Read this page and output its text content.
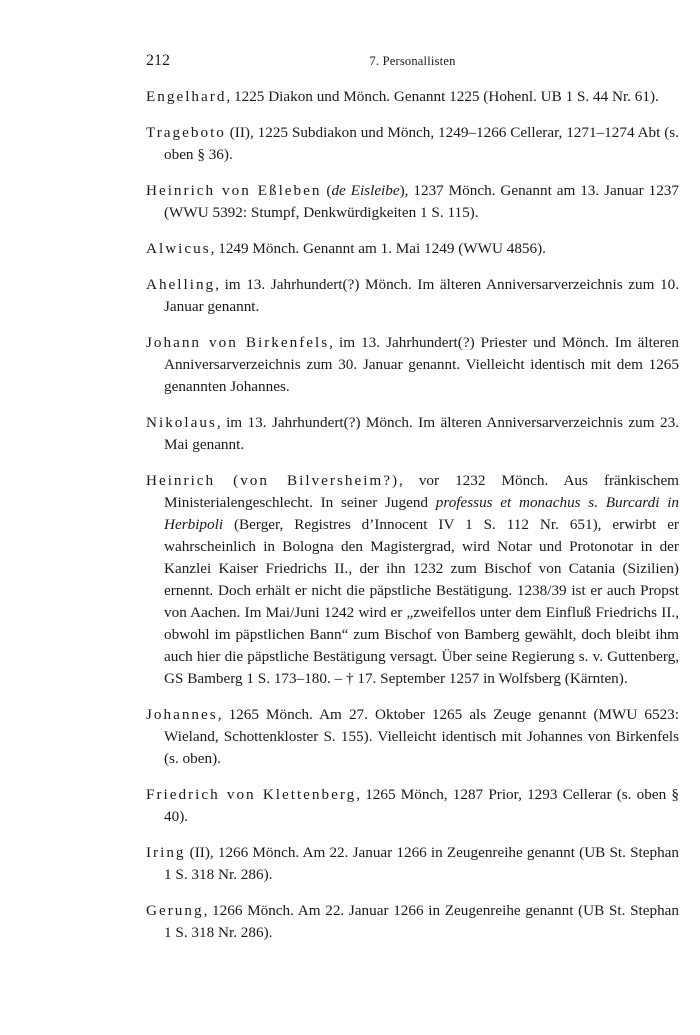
212	7. Personallisten

Engelhard, 1225 Diakon und Mönch. Genannt 1225 (Hohenl. UB 1 S. 44 Nr. 61).

Trageboto (II), 1225 Subdiakon und Mönch, 1249–1266 Cellerar, 1271–1274 Abt (s. oben § 36).

Heinrich von Eßleben (de Eisleibe), 1237 Mönch. Genannt am 13. Januar 1237 (WWU 5392: Stumpf, Denkwürdigkeiten 1 S. 115).

Alwicus, 1249 Mönch. Genannt am 1. Mai 1249 (WWU 4856).

Ahelling, im 13. Jahrhundert(?) Mönch. Im älteren Anniversarverzeichnis zum 10. Januar genannt.

Johann von Birkenfels, im 13. Jahrhundert(?) Priester und Mönch. Im älteren Anniversarverzeichnis zum 30. Januar genannt. Vielleicht identisch mit dem 1265 genannten Johannes.

Nikolaus, im 13. Jahrhundert(?) Mönch. Im älteren Anniversarverzeichnis zum 23. Mai genannt.

Heinrich (von Bilversheim?), vor 1232 Mönch. Aus fränkischem Ministerialengeschlecht. In seiner Jugend professus et monachus s. Burcardi in Herbipoli (Berger, Registres d’Innocent IV 1 S. 112 Nr. 651), erwirbt er wahrscheinlich in Bologna den Magistergrad, wird Notar und Protonotar in der Kanzlei Kaiser Friedrichs II., der ihn 1232 zum Bischof von Catania (Sizilien) ernennt. Doch erhält er nicht die päpstliche Bestätigung. 1238/39 ist er auch Propst von Aachen. Im Mai/Juni 1242 wird er „zweifellos unter dem Einfluß Friedrichs II., obwohl im päpstlichen Bann“ zum Bischof von Bamberg gewählt, doch bleibt ihm auch hier die päpstliche Bestätigung versagt. Über seine Regierung s. v. Guttenberg, GS Bamberg 1 S. 173–180. – † 17. September 1257 in Wolfsberg (Kärnten).

Johannes, 1265 Mönch. Am 27. Oktober 1265 als Zeuge genannt (MWU 6523: Wieland, Schottenkloster S. 155). Vielleicht identisch mit Johannes von Birkenfels (s. oben).

Friedrich von Klettenberg, 1265 Mönch, 1287 Prior, 1293 Cellerar (s. oben § 40).

Iring (II), 1266 Mönch. Am 22. Januar 1266 in Zeugenreihe genannt (UB St. Stephan 1 S. 318 Nr. 286).

Gerung, 1266 Mönch. Am 22. Januar 1266 in Zeugenreihe genannt (UB St. Stephan 1 S. 318 Nr. 286).
